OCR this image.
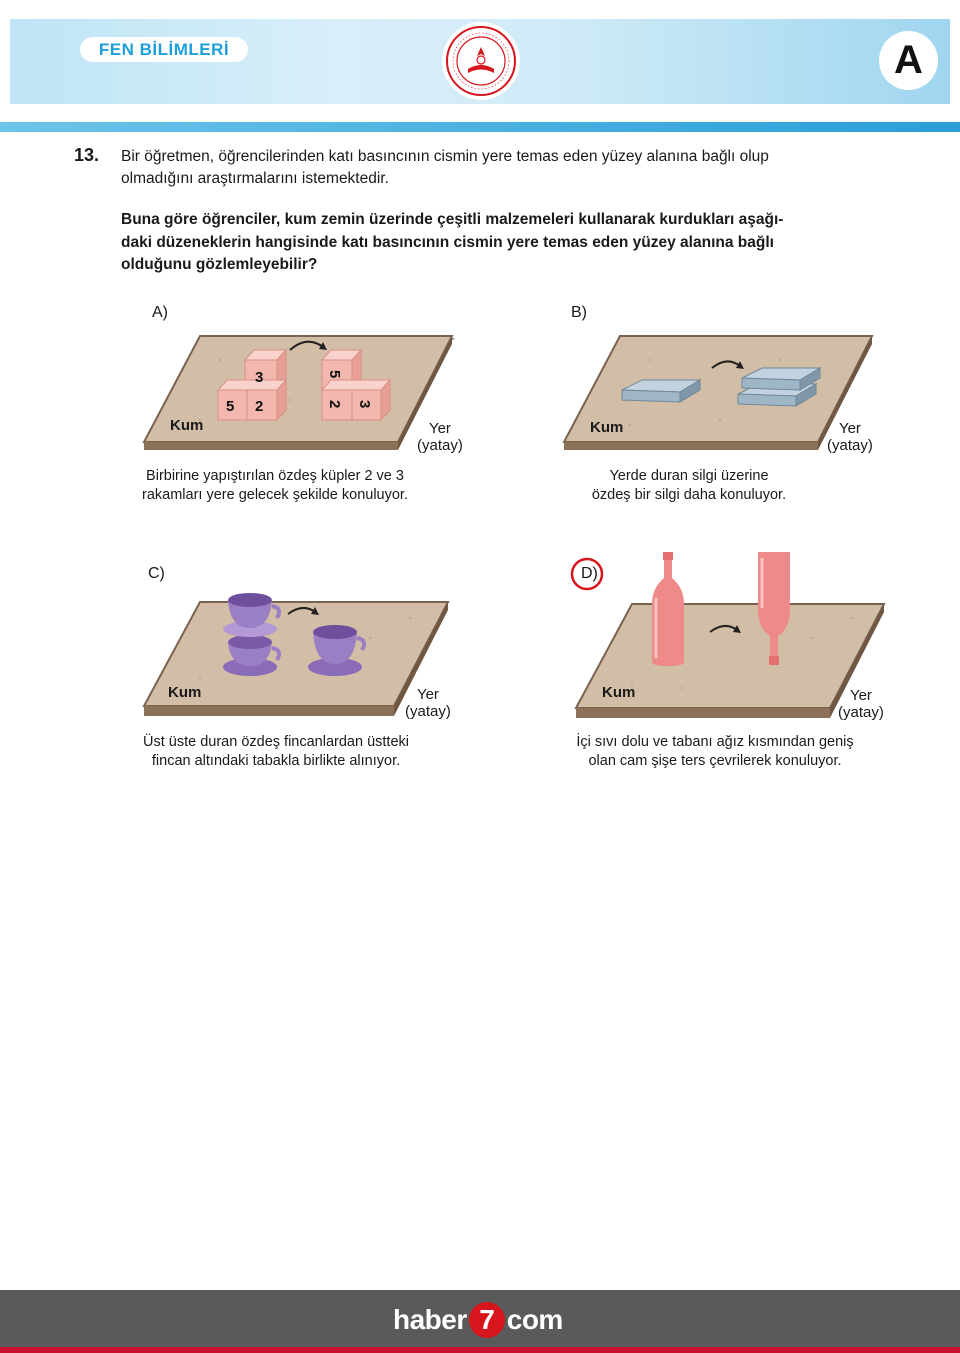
FEN BİLİMLERİ	A
13. Bir öğretmen, öğrencilerinden katı basıncının cismin yere temas eden yüzey alanına bağlı olup
olmadığını araştırmalarını istemektedir.
Buna göre öğrenciler, kum zemin üzerinde çeşitli malzemeleri kullanarak kurdukları aşağı-
daki düzeneklerin hangisinde katı basıncının cismin yere temas eden yüzey alanına bağlı
olduğunu gözlemleyebilir?
A)
3
5 2
5
2 3
Kum	Yer
(yatay)
Birbirine yapıştırılan özdeş küpler 2 ve 3
rakamları yere gelecek şekilde konuluyor.
B)
Kum	Yer
(yatay)
Yerde duran silgi üzerine
özdeş bir silgi daha konuluyor.
C)
Kum	Yer
(yatay)
Üst üste duran özdeş fincanlardan üstteki
fincan altındaki tabakla birlikte alınıyor.
D)
Kum	Yer
(yatay)
İçi sıvı dolu ve tabanı ağız kısmından geniş
olan cam şişe ters çevrilerek konuluyor.
haber 7 com
